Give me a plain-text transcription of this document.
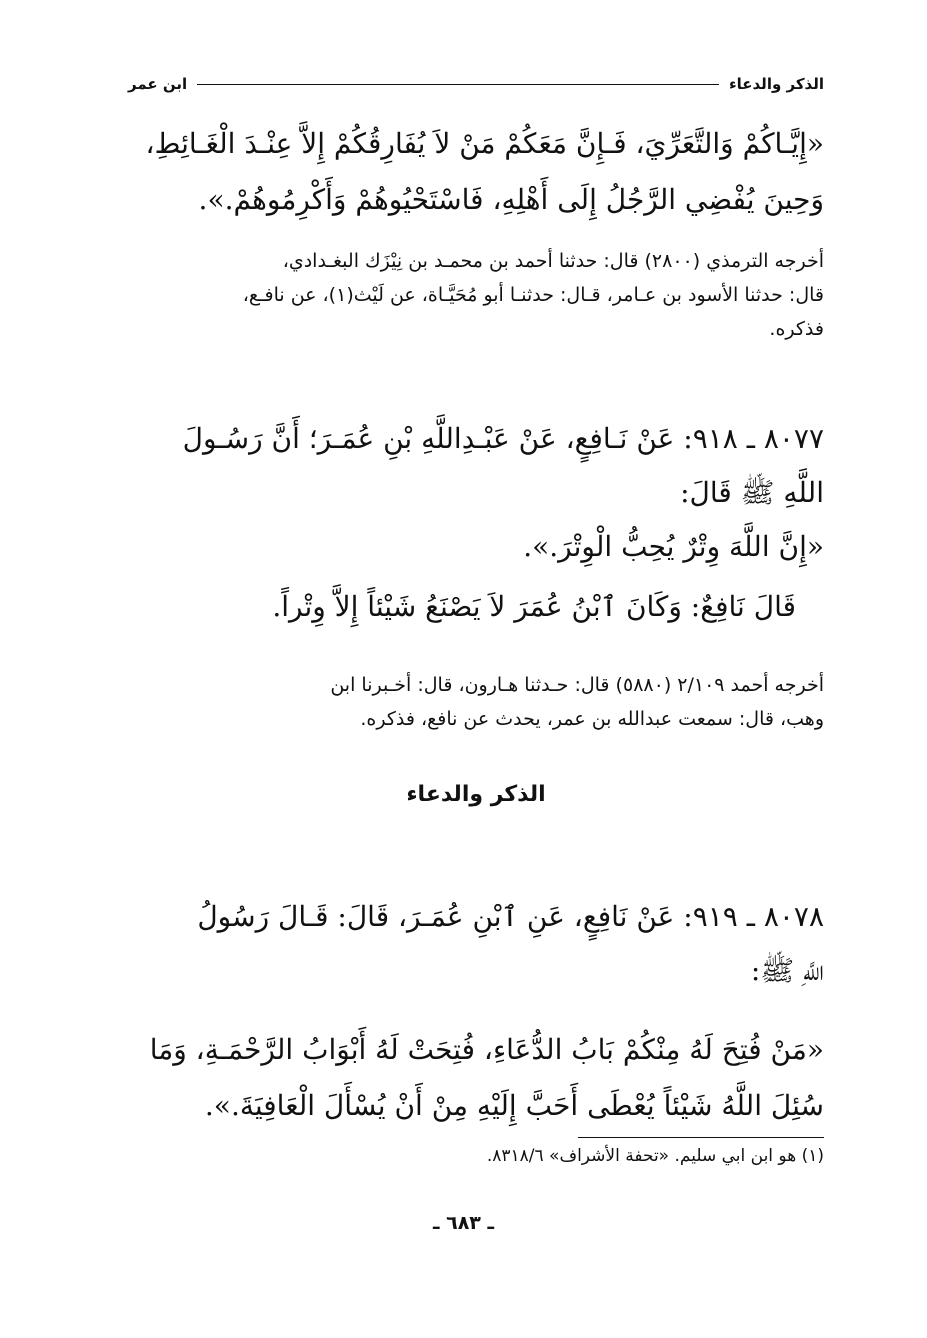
الذكر والدعاء
ابن عمر
«إِيَّـاكُمْ وَالتَّعَرِّيَ، فَـإِنَّ مَعَكُمْ مَنْ لاَ يُفَارِقُكُمْ إِلاَّ عِنْـدَ الْغَـائِطِ،
وَحِينَ يُفْضِي الرَّجُلُ إِلَى أَهْلِهِ، فَاسْتَحْيُوهُمْ وَأَكْرِمُوهُمْ.».
أخرجه الترمذي (٢٨٠٠) قال: حدثنا أحمد بن محمـد بن نِيْزَك البغـدادي،
قال: حدثنا الأسود بن عـامر، قـال: حدثنـا أبو مُحَيَّـاة، عن لَيْث(١)، عن نافـع،
فذكره.
٨٠٧٧ ـ ٩١٨: عَنْ نَـافِعٍ، عَنْ عَبْـدِاللَّهِ بْنِ عُمَـرَ؛ أَنَّ رَسُـولَ
اللَّهِ ﷺ قَالَ:
«إِنَّ اللَّهَ وِتْرٌ يُحِبُّ الْوِتْرَ.».
قَالَ نَافِعٌ: وَكَانَ ٱبْنُ عُمَرَ لاَ يَصْنَعُ شَيْئاً إِلاَّ وِتْراً.
أخرجه أحمد ٢/١٠٩ (٥٨٨٠) قال: حـدثنا هـارون، قال: أخـبرنا ابن
وهب، قال: سمعت عبدالله بن عمر، يحدث عن نافع، فذكره.
الذكر والدعاء
٨٠٧٨ ـ ٩١٩: عَنْ نَافِعٍ، عَنِ ٱبْنِ عُمَـرَ، قَالَ: قَـالَ رَسُولُ
اللَّهِ ﷺ:
«مَنْ فُتِحَ لَهُ مِنْكُمْ بَابُ الدُّعَاءِ، فُتِحَتْ لَهُ أَبْوَابُ الرَّحْمَـةِ، وَمَا
سُئِلَ اللَّهُ شَيْئاً يُعْطَى أَحَبَّ إِلَيْهِ مِنْ أَنْ يُسْأَلَ الْعَافِيَةَ.».
(١) هو ابن ابي سليم. «تحفة الأشراف» ٨٣١٨/٦.
ـ ٦٨٣ ـ
